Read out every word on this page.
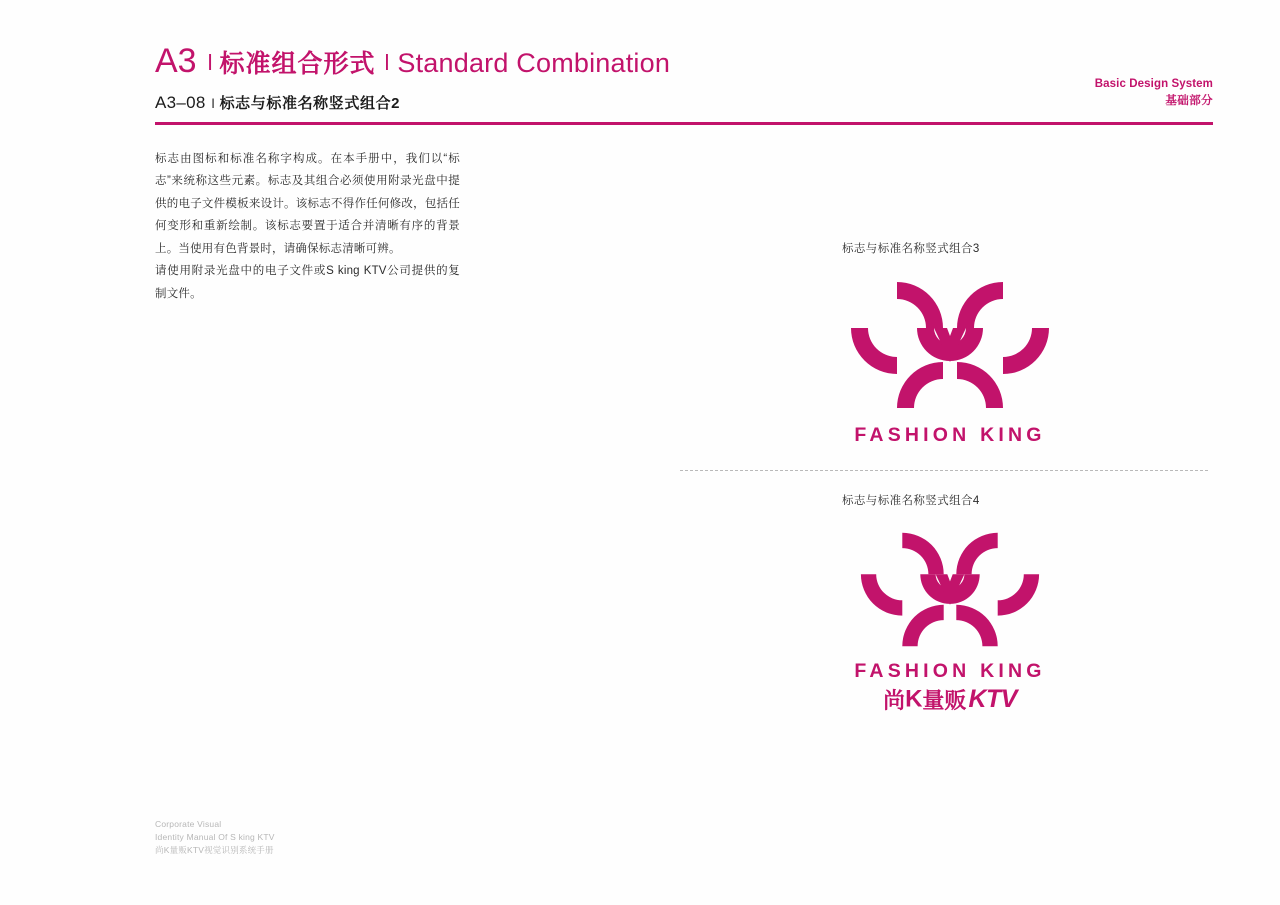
A3 l 标准组合形式 l Standard Combination
A3–08 l 标志与标准名称竖式组合2
Basic Design System
基础部分

标志由图标和标准名称字构成。在本手册中，我们以“标志”来统称这些元素。标志及其组合必须使用附录光盘中提供的电子文件模板来设计。该标志不得作任何修改，包括任何变形和重新绘制。该标志要置于适合并清晰有序的背景上。当使用有色背景时，请确保标志清晰可辨。

请使用附录光盘中的电子文件或S king KTV公司提供的复制文件。

标志与标准名称竖式组合3
FASHION KING
标志与标准名称竖式组合4
FASHION KING
尚K量贩KTV
Corporate Visual
Identity Manual Of S king KTV
尚K量贩KTV视觉识别系统手册
